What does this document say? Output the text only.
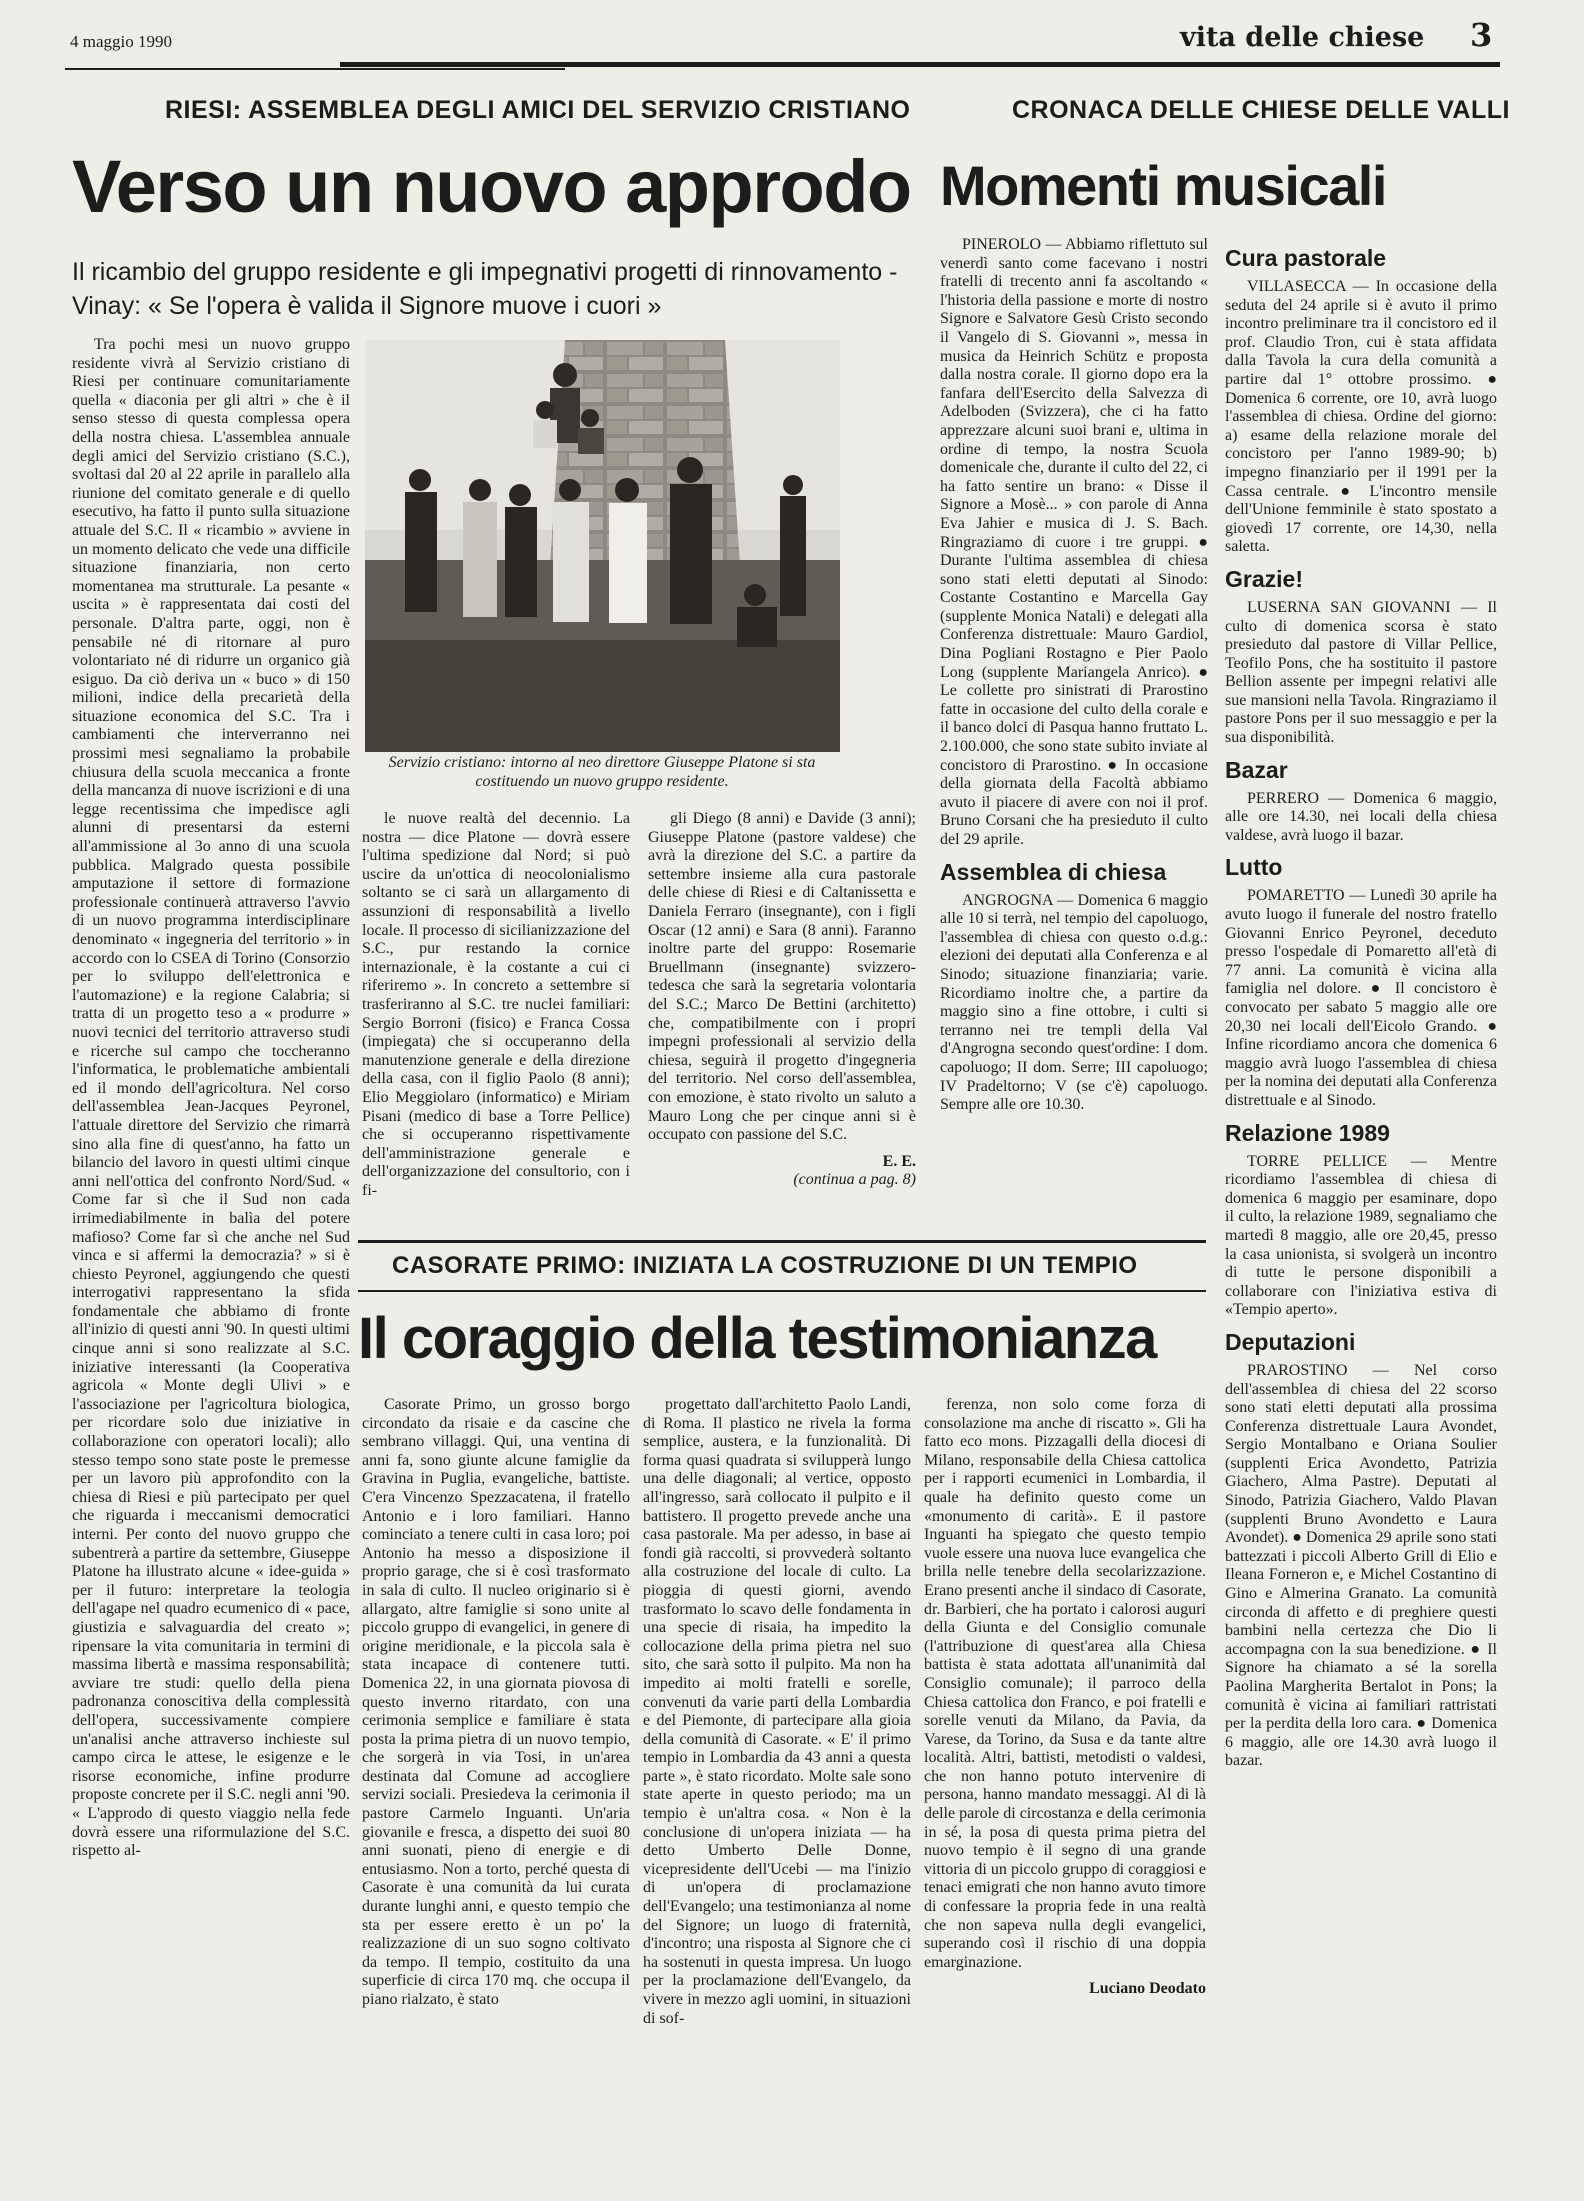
4 maggio 1990	vita delle chiese 3
RIESI: ASSEMBLEA DEGLI AMICI DEL SERVIZIO CRISTIANO
Verso un nuovo approdo
Il ricambio del gruppo residente e gli impegnativi progetti di rinnovamento - Vinay: « Se l'opera è valida il Signore muove i cuori »

Tra pochi mesi un nuovo gruppo residente vivrà al Servizio cristiano di Riesi per continuare comunitariamente quella « diaconia per gli altri » che è il senso stesso di questa complessa opera della nostra chiesa. L'assemblea annuale degli amici del Servizio cristiano (S.C.), svoltasi dal 20 al 22 aprile in parallelo alla riunione del comitato generale e di quello esecutivo, ha fatto il punto sulla situazione attuale del S.C. Il « ricambio » avviene in un momento delicato che vede una difficile situazione finanziaria, non certo momentanea ma strutturale. La pesante « uscita » è rappresentata dai costi del personale. D'altra parte, oggi, non è pensabile né di ritornare al puro volontariato né di ridurre un organico già esiguo. Da ciò deriva un « buco » di 150 milioni, indice della precarietà della situazione economica del S.C. Tra i cambiamenti che interverranno nei prossimi mesi segnaliamo la probabile chiusura della scuola meccanica a fronte della mancanza di nuove iscrizioni e di una legge recentissima che impedisce agli alunni di presentarsi da esterni all'ammissione al 3o anno di una scuola pubblica. Malgrado questa possibile amputazione il settore di formazione professionale continuerà attraverso l'avvio di un nuovo programma interdisciplinare denominato « ingegneria del territorio » in accordo con lo CSEA di Torino (Consorzio per lo sviluppo dell'elettronica e l'automazione) e la regione Calabria; si tratta di un progetto teso a « produrre » nuovi tecnici del territorio attraverso studi e ricerche sul campo che toccheranno l'informatica, le problematiche ambientali ed il mondo dell'agricoltura. Nel corso dell'assemblea Jean-Jacques Peyronel, l'attuale direttore del Servizio che rimarrà sino alla fine di quest'anno, ha fatto un bilancio del lavoro in questi ultimi cinque anni nell'ottica del confronto Nord/Sud. « Come far sì che il Sud non cada irrimediabilmente in balìa del potere mafioso? Come far sì che anche nel Sud vinca e si affermi la democrazia? » si è chiesto Peyronel, aggiungendo che questi interrogativi rappresentano la sfida fondamentale che abbiamo di fronte all'inizio di questi anni '90. In questi ultimi cinque anni si sono realizzate al S.C. iniziative interessanti (la Cooperativa agricola « Monte degli Ulivi » e l'associazione per l'agricoltura biologica, per ricordare solo due iniziative in collaborazione con operatori locali); allo stesso tempo sono state poste le premesse per un lavoro più approfondito con la chiesa di Riesi e più partecipato per quel che riguarda i meccanismi democratici interni. Per conto del nuovo gruppo che subentrerà a partire da settembre, Giuseppe Platone ha illustrato alcune « idee-guida » per il futuro: interpretare la teologia dell'agape nel quadro ecumenico di « pace, giustizia e salvaguardia del creato »; ripensare la vita comunitaria in termini di massima libertà e massima responsabilità; avviare tre studi: quello della piena padronanza conoscitiva della complessità dell'opera, successivamente compiere un'analisi anche attraverso inchieste sul campo circa le attese, le esigenze e le risorse economiche, infine produrre proposte concrete per il S.C. negli anni '90. « L'approdo di questo viaggio nella fede dovrà essere una riformulazione del S.C. rispetto al-

Servizio cristiano: intorno al neo direttore Giuseppe Platone si sta costituendo un nuovo gruppo residente.

le nuove realtà del decennio. La nostra — dice Platone — dovrà essere l'ultima spedizione dal Nord; si può uscire da un'ottica di neocolonialismo soltanto se ci sarà un allargamento di assunzioni di responsabilità a livello locale. Il processo di sicilianizzazione del S.C., pur restando la cornice internazionale, è la costante a cui ci riferiremo ». In concreto a settembre si trasferiranno al S.C. tre nuclei familiari: Sergio Borroni (fisico) e Franca Cossa (impiegata) che si occuperanno della manutenzione generale e della direzione della casa, con il figlio Paolo (8 anni); Elio Meggiolaro (informatico) e Miriam Pisani (medico di base a Torre Pellice) che si occuperanno rispettivamente dell'amministrazione generale e dell'organizzazione del consultorio, con i fi-

gli Diego (8 anni) e Davide (3 anni); Giuseppe Platone (pastore valdese) che avrà la direzione del S.C. a partire da settembre insieme alla cura pastorale delle chiese di Riesi e di Caltanissetta e Daniela Ferraro (insegnante), con i figli Oscar (12 anni) e Sara (8 anni). Faranno inoltre parte del gruppo: Rosemarie Bruellmann (insegnante) svizzero-tedesca che sarà la segretaria volontaria del S.C.; Marco De Bettini (architetto) che, compatibilmente con i propri impegni professionali al servizio della chiesa, seguirà il progetto d'ingegneria del territorio. Nel corso dell'assemblea, con emozione, è stato rivolto un saluto a Mauro Long che per cinque anni si è occupato con passione del S.C.

E. E.
(continua a pag. 8)
CASORATE PRIMO: INIZIATA LA COSTRUZIONE DI UN TEMPIO
Il coraggio della testimonianza

Casorate Primo, un grosso borgo circondato da risaie e da cascine che sembrano villaggi. Qui, una ventina di anni fa, sono giunte alcune famiglie da Gravina in Puglia, evangeliche, battiste. C'era Vincenzo Spezzacatena, il fratello Antonio e i loro familiari. Hanno cominciato a tenere culti in casa loro; poi Antonio ha messo a disposizione il proprio garage, che si è così trasformato in sala di culto. Il nucleo originario si è allargato, altre famiglie si sono unite al piccolo gruppo di evangelici, in genere di origine meridionale, e la piccola sala è stata incapace di contenere tutti. Domenica 22, in una giornata piovosa di questo inverno ritardato, con una cerimonia semplice e familiare è stata posta la prima pietra di un nuovo tempio, che sorgerà in via Tosi, in un'area destinata dal Comune ad accogliere servizi sociali. Presiedeva la cerimonia il pastore Carmelo Inguanti. Un'aria giovanile e fresca, a dispetto dei suoi 80 anni suonati, pieno di energie e di entusiasmo. Non a torto, perché questa di Casorate è una comunità da lui curata durante lunghi anni, e questo tempio che sta per essere eretto è un po' la realizzazione di un suo sogno coltivato da tempo. Il tempio, costituito da una superficie di circa 170 mq. che occupa il piano rialzato, è stato

progettato dall'architetto Paolo Landi, di Roma. Il plastico ne rivela la forma semplice, austera, e la funzionalità. Di forma quasi quadrata si svilupperà lungo una delle diagonali; al vertice, opposto all'ingresso, sarà collocato il pulpito e il battistero. Il progetto prevede anche una casa pastorale. Ma per adesso, in base ai fondi già raccolti, si provvederà soltanto alla costruzione del locale di culto. La pioggia di questi giorni, avendo trasformato lo scavo delle fondamenta in una specie di risaia, ha impedito la collocazione della prima pietra nel suo sito, che sarà sotto il pulpito. Ma non ha impedito ai molti fratelli e sorelle, convenuti da varie parti della Lombardia e del Piemonte, di partecipare alla gioia della comunità di Casorate. « E' il primo tempio in Lombardia da 43 anni a questa parte », è stato ricordato. Molte sale sono state aperte in questo periodo; ma un tempio è un'altra cosa. « Non è la conclusione di un'opera iniziata — ha detto Umberto Delle Donne, vicepresidente dell'Ucebi — ma l'inizio di un'opera di proclamazione dell'Evangelo; una testimonianza al nome del Signore; un luogo di fraternità, d'incontro; una risposta al Signore che ci ha sostenuti in questa impresa. Un luogo per la proclamazione dell'Evangelo, da vivere in mezzo agli uomini, in situazioni di sof-

ferenza, non solo come forza di consolazione ma anche di riscatto ». Gli ha fatto eco mons. Pizzagalli della diocesi di Milano, responsabile della Chiesa cattolica per i rapporti ecumenici in Lombardia, il quale ha definito questo come un «monumento di carità». E il pastore Inguanti ha spiegato che questo tempio vuole essere una nuova luce evangelica che brilla nelle tenebre della secolarizzazione. Erano presenti anche il sindaco di Casorate, dr. Barbieri, che ha portato i calorosi auguri della Giunta e del Consiglio comunale (l'attribuzione di quest'area alla Chiesa battista è stata adottata all'unanimità dal Consiglio comunale); il parroco della Chiesa cattolica don Franco, e poi fratelli e sorelle venuti da Milano, da Pavia, da Varese, da Torino, da Susa e da tante altre località. Altri, battisti, metodisti o valdesi, che non hanno potuto intervenire di persona, hanno mandato messaggi. Al di là delle parole di circostanza e della cerimonia in sé, la posa di questa prima pietra del nuovo tempio è il segno di una grande vittoria di un piccolo gruppo di coraggiosi e tenaci emigrati che non hanno avuto timore di confessare la propria fede in una realtà che non sapeva nulla degli evangelici, superando così il rischio di una doppia emarginazione.

Luciano Deodato
CRONACA DELLE CHIESE DELLE VALLI
Momenti musicali

PINEROLO — Abbiamo riflettuto sul venerdì santo come facevano i nostri fratelli di trecento anni fa ascoltando « l'historia della passione e morte di nostro Signore e Salvatore Gesù Cristo secondo il Vangelo di S. Giovanni », messa in musica da Heinrich Schütz e proposta dalla nostra corale. Il giorno dopo era la fanfara dell'Esercito della Salvezza di Adelboden (Svizzera), che ci ha fatto apprezzare alcuni suoi brani e, ultima in ordine di tempo, la nostra Scuola domenicale che, durante il culto del 22, ci ha fatto sentire un brano: « Disse il Signore a Mosè... » con parole di Anna Eva Jahier e musica di J. S. Bach. Ringraziamo di cuore i tre gruppi. ● Durante l'ultima assemblea di chiesa sono stati eletti deputati al Sinodo: Costante Costantino e Marcella Gay (supplente Monica Natali) e delegati alla Conferenza distrettuale: Mauro Gardiol, Dina Pogliani Rostagno e Pier Paolo Long (supplente Mariangela Anrico). ● Le collette pro sinistrati di Prarostino fatte in occasione del culto della corale e il banco dolci di Pasqua hanno fruttato L. 2.100.000, che sono state subito inviate al concistoro di Prarostino. ● In occasione della giornata della Facoltà abbiamo avuto il piacere di avere con noi il prof. Bruno Corsani che ha presieduto il culto del 29 aprile.

Assemblea di chiesa

ANGROGNA — Domenica 6 maggio alle 10 si terrà, nel tempio del capoluogo, l'assemblea di chiesa con questo o.d.g.: elezioni dei deputati alla Conferenza e al Sinodo; situazione finanziaria; varie. Ricordiamo inoltre che, a partire da maggio sino a fine ottobre, i culti si terranno nei tre templi della Val d'Angrogna secondo quest'ordine: I dom. capoluogo; II dom. Serre; III capoluogo; IV Pradeltorno; V (se c'è) capoluogo. Sempre alle ore 10.30.

Cura pastorale

VILLASECCA — In occasione della seduta del 24 aprile si è avuto il primo incontro preliminare tra il concistoro ed il prof. Claudio Tron, cui è stata affidata dalla Tavola la cura della comunità a partire dal 1° ottobre prossimo. ● Domenica 6 corrente, ore 10, avrà luogo l'assemblea di chiesa. Ordine del giorno: a) esame della relazione morale del concistoro per l'anno 1989-90; b) impegno finanziario per il 1991 per la Cassa centrale. ● L'incontro mensile dell'Unione femminile è stato spostato a giovedì 17 corrente, ore 14,30, nella saletta.

Grazie!

LUSERNA SAN GIOVANNI — Il culto di domenica scorsa è stato presieduto dal pastore di Villar Pellice, Teofilo Pons, che ha sostituito il pastore Bellion assente per impegni relativi alle sue mansioni nella Tavola. Ringraziamo il pastore Pons per il suo messaggio e per la sua disponibilità.

Bazar

PERRERO — Domenica 6 maggio, alle ore 14.30, nei locali della chiesa valdese, avrà luogo il bazar.

Lutto

POMARETTO — Lunedì 30 aprile ha avuto luogo il funerale del nostro fratello Giovanni Enrico Peyronel, deceduto presso l'ospedale di Pomaretto all'età di 77 anni. La comunità è vicina alla famiglia nel dolore. ● Il concistoro è convocato per sabato 5 maggio alle ore 20,30 nei locali dell'Eicolo Grando. ● Infine ricordiamo ancora che domenica 6 maggio avrà luogo l'assemblea di chiesa per la nomina dei deputati alla Conferenza distrettuale e al Sinodo.

Relazione 1989

TORRE PELLICE — Mentre ricordiamo l'assemblea di chiesa di domenica 6 maggio per esaminare, dopo il culto, la relazione 1989, segnaliamo che martedì 8 maggio, alle ore 20,45, presso la casa unionista, si svolgerà un incontro di tutte le persone disponibili a collaborare con l'iniziativa estiva di «Tempio aperto».

Deputazioni

PRAROSTINO — Nel corso dell'assemblea di chiesa del 22 scorso sono stati eletti deputati alla prossima Conferenza distrettuale Laura Avondet, Sergio Montalbano e Oriana Soulier (supplenti Erica Avondetto, Patrizia Giachero, Alma Pastre). Deputati al Sinodo, Patrizia Giachero, Valdo Plavan (supplenti Bruno Avondetto e Laura Avondet). ● Domenica 29 aprile sono stati battezzati i piccoli Alberto Grill di Elio e Ileana Forneron e, e Michel Costantino di Gino e Almerina Granato. La comunità circonda di affetto e di preghiere questi bambini nella certezza che Dio li accompagna con la sua benedizione. ● Il Signore ha chiamato a sé la sorella Paolina Margherita Bertalot in Pons; la comunità è vicina ai familiari rattristati per la perdita della loro cara. ● Domenica 6 maggio, alle ore 14.30 avrà luogo il bazar.
